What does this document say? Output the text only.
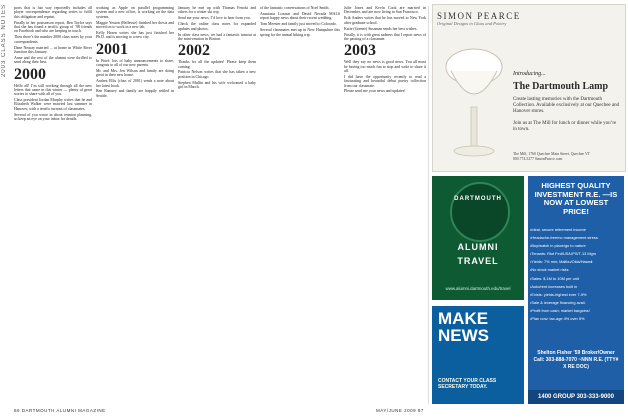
2003 CLASS NOTES ports that is fair way reportedly includes all player correspondence regarding series to fulfil this obligation and reprint.

Finally in her postseason report, Ben Taylor says that she has found a terrific group of ’98 friends on Facebook and who are keeping in touch.

Then there’s the number 2000 class notes by your correspondents.

Dane Neuray married ... at home in White River Junction this January.

Anne and the rest of the alumni were thrilled to send along their best.

2000

Hello all! I’m still working through all the new letters that came in this winter — plenty of great stories to share with all of you.

Class president Jordan Murphy writes that he and Elizabeth Walker were married last summer in Hanover, with a terrific turnout of classmates.

Several of you wrote in about reunion planning, so keep an eye on your inbox for details.

working as Apple on parallel programming system and a new office, is working on the data systems.

Maggie Yeaton (Bellevue) finished her thesis and moved on to work in a new lab.

Kelly Hosen writes she has just finished her Ph.D. and is moving to a new city.

2001

In Brief: lots of baby announcements to share, congrats to all of our new parents.

Mr. and Mrs. Jen Wilson and family are doing great in their new home.

Andrea Ellis (class of 2001) sends a note about her latest book.

Ben Ramsey and family are happily settled in Seattle.

January he met up with Thomas Fenoki and others for a winter ski trip.

Send me your news, I’d love to hear from you.

Check the online class notes for expanded updates and photos.

In other class news, we had a fantastic turnout at the mini-reunion in Boston.

2002

Thanks for all the updates! Please keep them coming.

Patricia Nelson writes that she has taken a new position in Chicago.

Stephen Mullin and his wife welcomed a baby girl in March.

of the fantastic conversations of Noel Smith.

Anastasia Lozasat and David Nevada MALS report happy news about their recent wedding.

Tom Meester and family just moved to Colorado.

Several classmates met up in New Hampshire this spring for the annual hiking trip.

Julie Jones and Kevin Cook are married in December, and are now living in San Francisco.

Erik Anders writes that he has moved to New York after graduate school.

Katie (Greene) Sussman sends her best wishes.

Finally, it is with great sadness that I report news of the passing of a classmate.

2003

Well they say no news is good news. You all must be having too much fun to stop and write to share it all.

I did have the opportunity recently to read a fascinating and beautiful debut poetry collection from our classmate.

Please send me your news and updates!

SIMON PEARCE
Original Designs in Glass and Pottery
Introducing...
The Dartmouth Lamp
Create lasting memories with the Dartmouth Collection. Available exclusively at our Quechee and Hanover stores.
Join us at The Mill for lunch or dinner while you’re in town.
The Mill, 1760 Quechee Main Street, Quechee VT
800.774.5277 SimonPearce.com
DARTMOUTH
ALUMNI
TRAVEL
www.alumni.dartmouth.edu/travel
MAKE
NEWS
CONTACT YOUR CLASS SECRETARY TODAY.
HIGHEST QUALITY INVESTMENT R.E. —IS NOW AT LOWEST PRICE!
• Ideal, secure retirement income
• Headache-free/no management stress
• Buy/watch in place/go to nature
• Tenants: Riot Fed/US/UPS/T-13 Mgm
• Yields: 7% min; Malibu/Okla/Hawaii
• No stock market risks
• Sales: $ 1M to 10M per unit
• Auto/rent increases built in
• Exists: yields-highest ever 7-9%
• Sale & leverage financing avail.
• Profit from cash; market bargains!
• Plan now: tax-age 4% over 5%
Shelton Fisher ’59 Broker/Owner Call: 303-888-7070 ~NNN R.E. (TTY# X RE DOC)
1400 GROUP 303-333-9000
86 DARTMOUTH ALUMNI MAGAZINE	MAY/JUNE 2009 87
